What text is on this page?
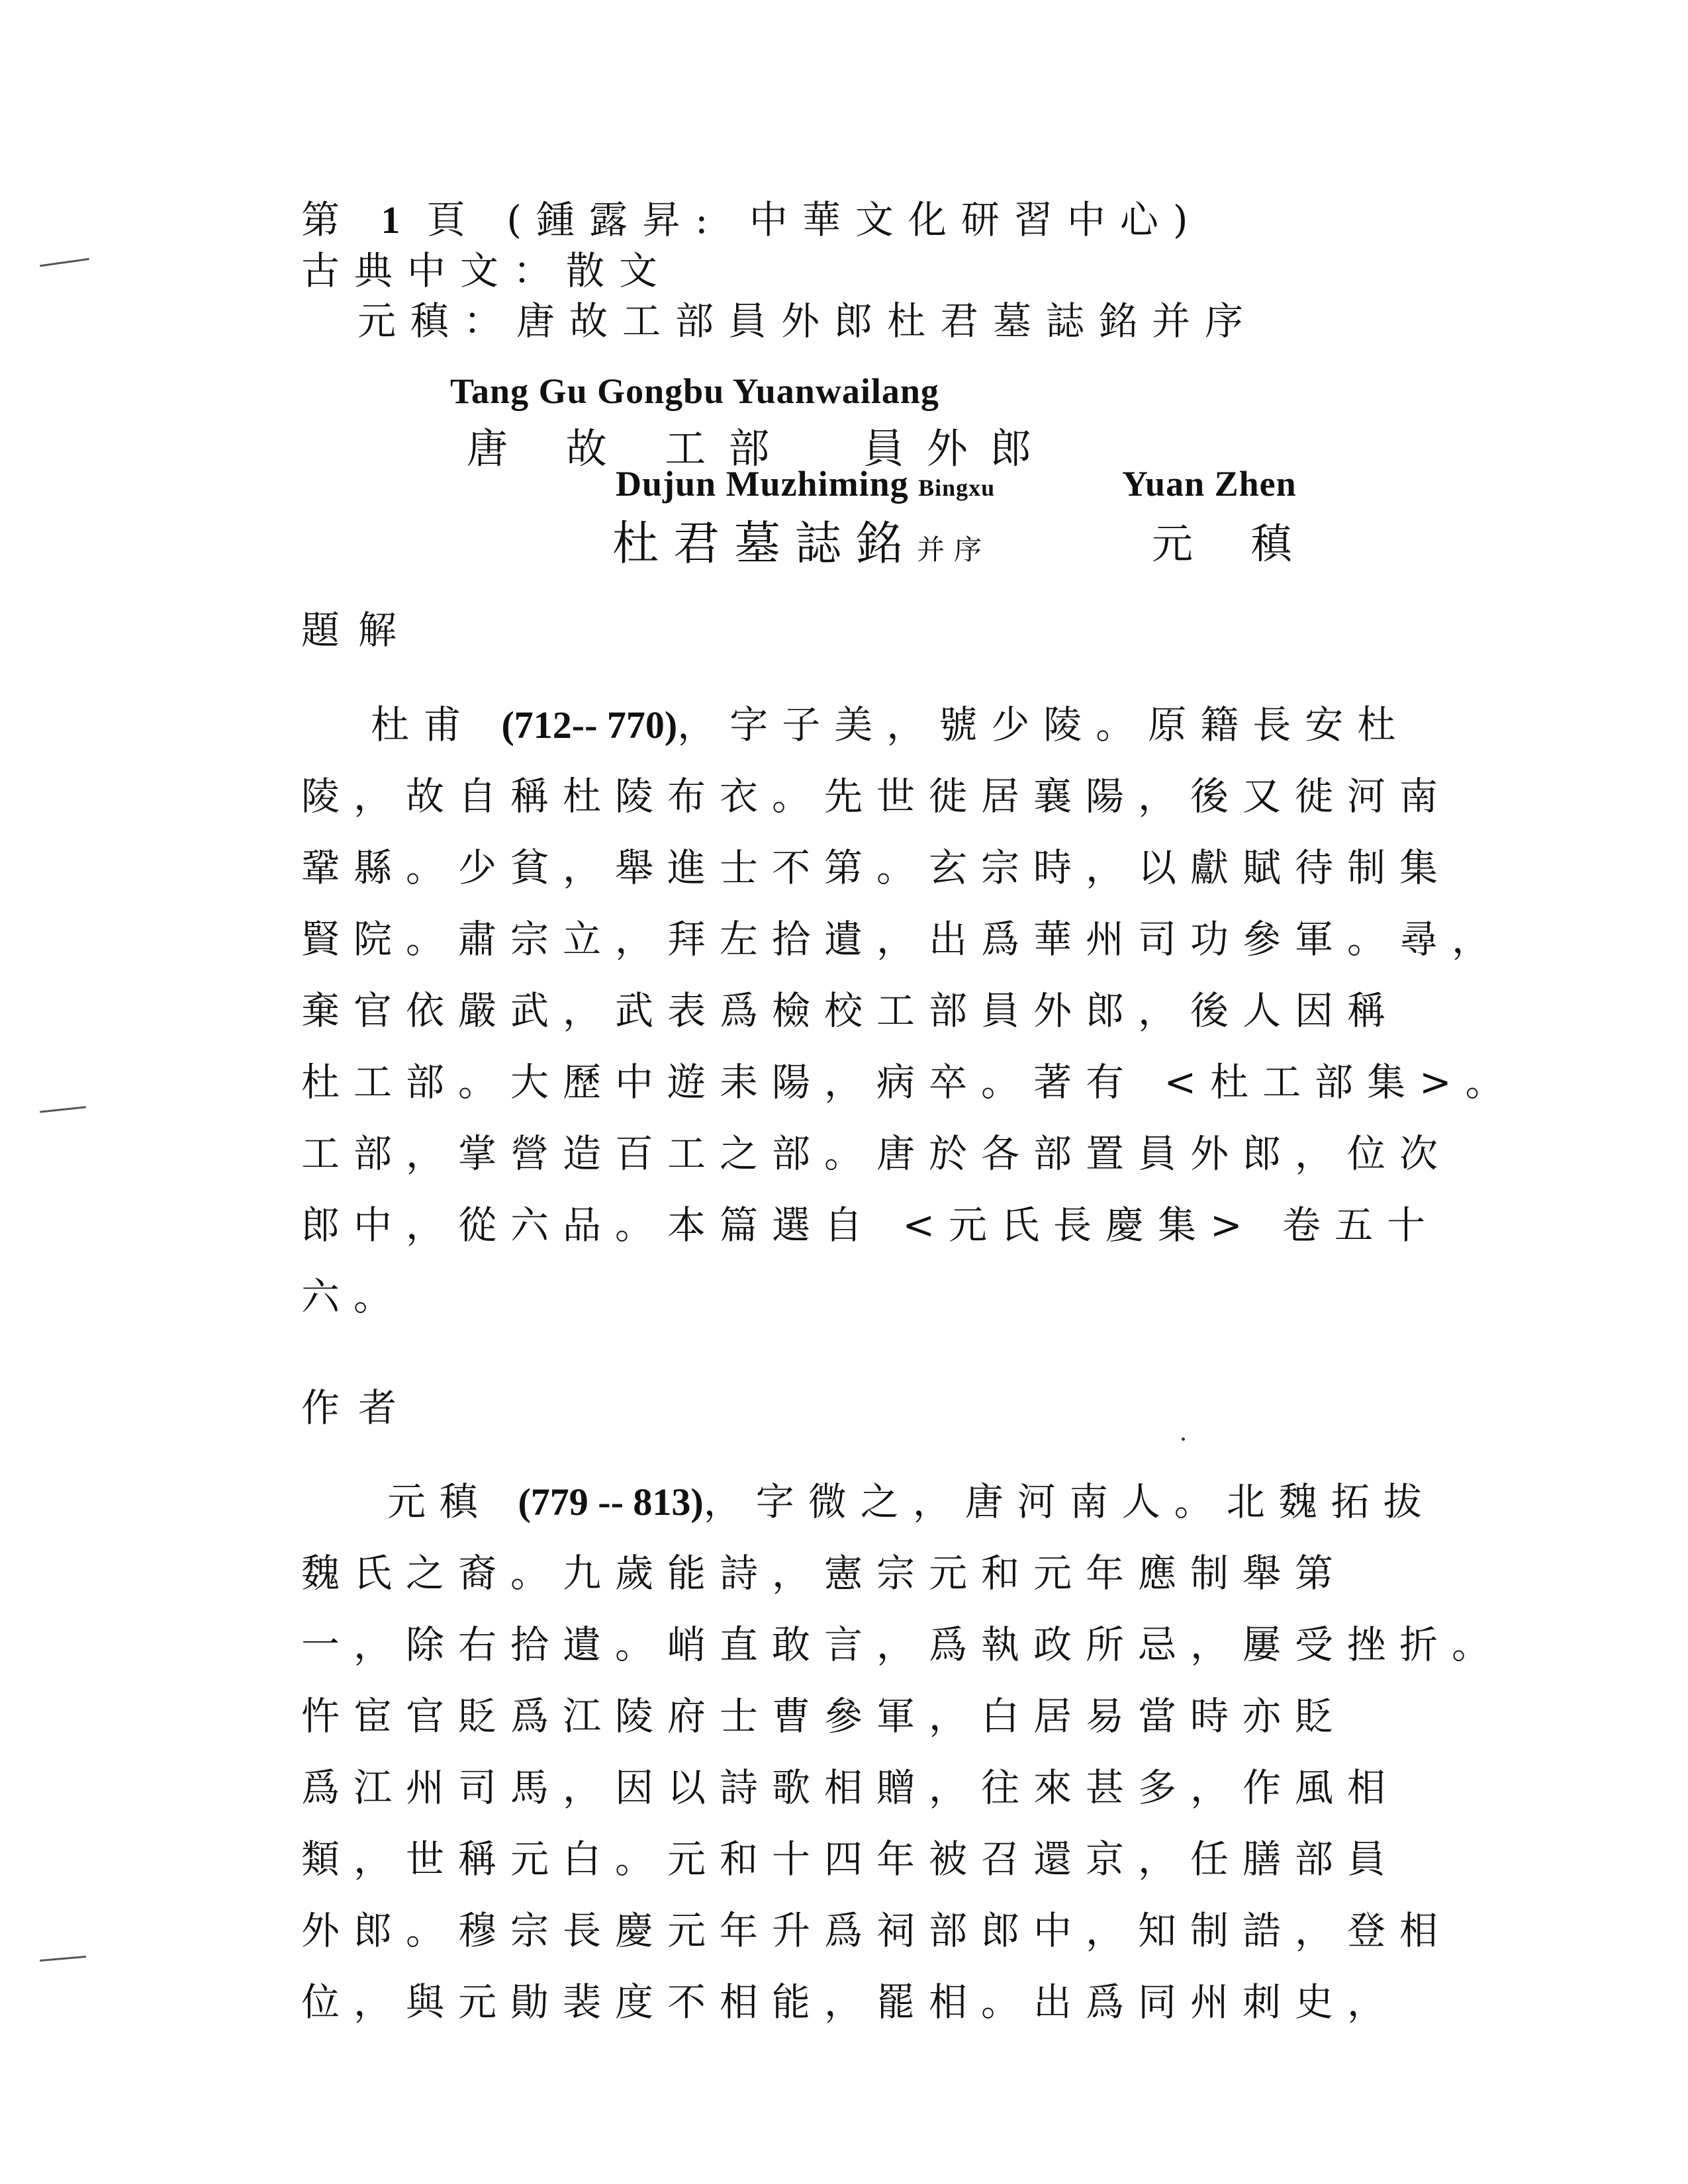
第 1 頁 (鍾露昇: 中華文化研習中心)
古典中文：散文
元稹：唐故工部員外郎杜君墓誌銘并序
Tang Gu Gongbu Yuanwailang
唐 故 工部  員外郎
Dujun Muzhiming Bingxu	Yuan Zhen
杜君墓誌銘并序	元 稹
題解
杜甫 (712-- 770)，字子美，號少陵。原籍長安杜
陵，故自稱杜陵布衣。先世徙居襄陽，後又徙河南
鞏縣。少貧，舉進士不第。玄宗時，以獻賦待制集
賢院。肅宗立，拜左拾遺，出爲華州司功參軍。尋，
棄官依嚴武，武表爲檢校工部員外郎，後人因稱
杜工部。大歷中遊耒陽，病卒。著有 <杜工部集>。
工部，掌營造百工之部。唐於各部置員外郎，位次
郎中，從六品。本篇選自 <元氏長慶集> 卷五十
六。
作者
元稹 (779 -- 813)，字微之，唐河南人。北魏拓拔
魏氏之裔。九歲能詩，憲宗元和元年應制舉第
一，除右拾遺。峭直敢言，爲執政所忌，屢受挫折。
忤宦官貶爲江陵府士曹參軍，白居易當時亦貶
爲江州司馬，因以詩歌相贈，往來甚多，作風相
類，世稱元白。元和十四年被召還京，任膳部員
外郎。穆宗長慶元年升爲祠部郎中，知制誥，登相
位，與元勛裴度不相能，罷相。出爲同州刺史，
